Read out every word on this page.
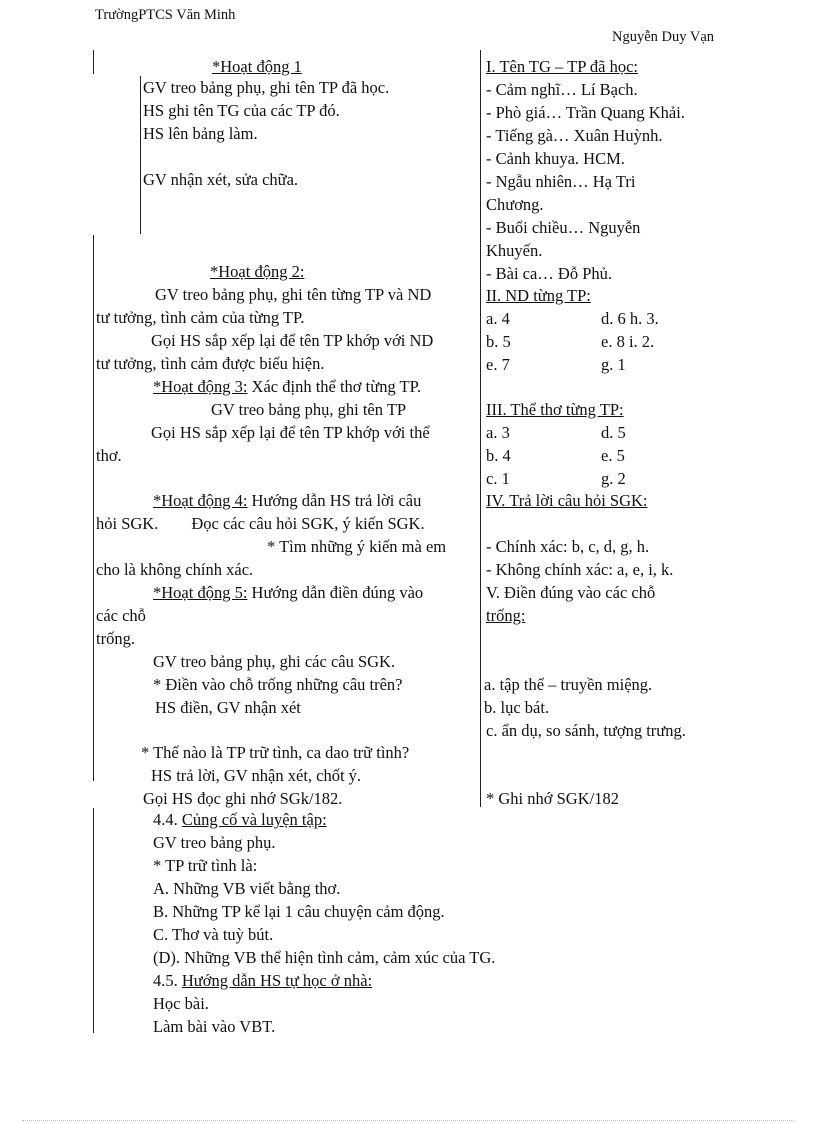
TrườngPTCS Văn Minh
Nguyễn Duy Vạn
*Hoạt động 1
GV treo bảng phụ, ghi tên TP đã học.
HS ghi tên TG của các TP đó.
HS lên bảng làm.
GV nhận xét, sửa chữa.
*Hoạt động 2:
GV treo bảng phụ, ghi tên từng TP và ND
tư tưởng, tình cảm của từng TP.
Gọi HS sắp xếp lại để tên TP khớp với ND
tư tưởng, tình cảm được biểu hiện.
*Hoạt động 3: Xác định thể thơ từng TP.
GV treo bảng phụ, ghi tên TP
Gọi HS sắp xếp lại để tên TP khớp với thể
thơ.
*Hoạt động 4: Hướng dẫn HS trả lời câu
hỏi SGK.        Đọc các câu hỏi SGK, ý kiến SGK.
* Tìm những ý kiến mà em
cho là không chính xác.
*Hoạt động 5: Hướng dẫn điền đúng vào
các chỗ
trống.
GV treo bảng phụ, ghi các câu SGK.
* Điền vào chỗ trống những câu trên?
HS điền, GV nhận xét
* Thế nào là TP trữ tình, ca dao trữ tình?
HS trả lời, GV nhận xét, chốt ý.
Gọi HS đọc ghi nhớ SGk/182.
I. Tên TG – TP đã học:
- Cảm nghĩ… Lí Bạch.
- Phò giá… Trần Quang Khải.
- Tiếng gà… Xuân Huỳnh.
- Cảnh khuya. HCM.
- Ngẫu nhiên… Hạ Tri
Chương.
- Buổi chiều… Nguyễn
Khuyến.
- Bài ca… Đỗ Phủ.
II. ND từng TP:
a. 4	d. 6 h. 3.
b. 5	e. 8 i. 2.
e. 7	g. 1
III. Thể thơ từng TP:
a. 3	d. 5
b. 4	e. 5
c. 1	g. 2
IV. Trả lời câu hỏi SGK:
- Chính xác: b, c, d, g, h.
- Không chính xác: a, e, i, k.
V. Điền đúng vào các chỗ
trống:
a. tập thể – truyền miệng.
b. lục bát.
c. ẩn dụ, so sánh, tượng trưng.
* Ghi nhớ SGK/182
4.4. Củng cố và luyện tập:
GV treo bảng phụ.
* TP trữ tình là:
A. Những VB viết bằng thơ.
B. Những TP kể lại 1 câu chuyện cảm động.
C. Thơ và tuỳ bút.
(D). Những VB thể hiện tình cảm, cảm xúc của TG.
4.5. Hướng dẫn HS tự học ở nhà:
Học bài.
Làm bài vào VBT.
